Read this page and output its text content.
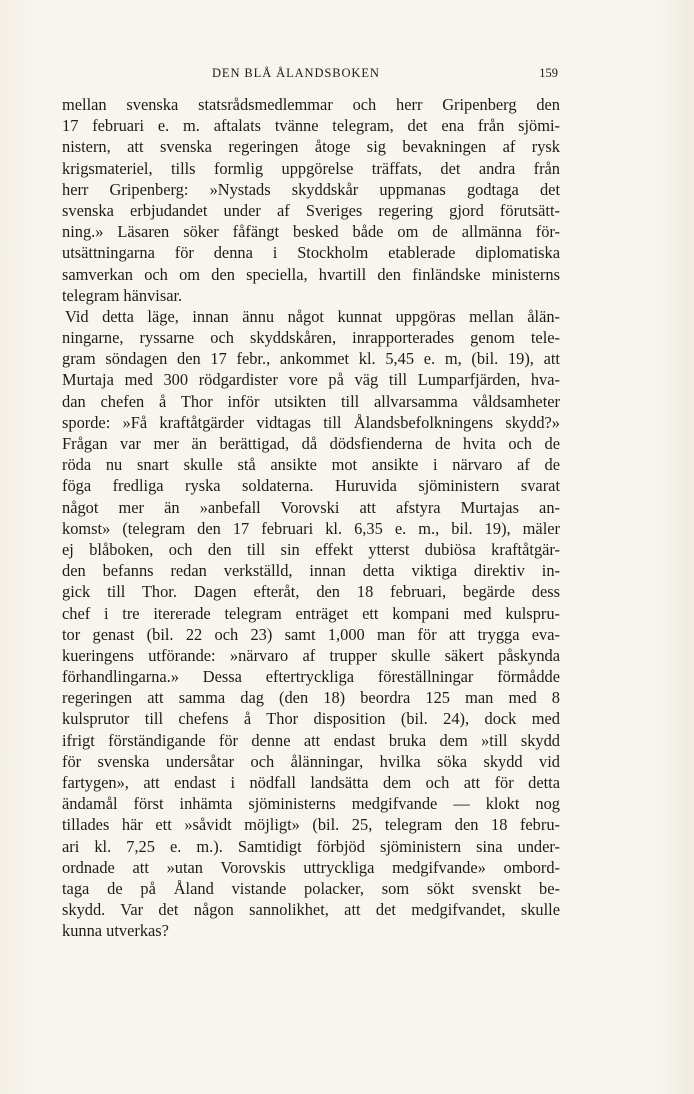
DEN BLÅ ÅLANDSBOKEN	159
mellan svenska statsrådsmedlemmar och herr Gripenberg den
17 februari e. m. aftalats tvänne telegram, det ena från sjömi-
nistern, att svenska regeringen åtoge sig bevakningen af rysk
krigsmateriel, tills formlig uppgörelse träffats, det andra från
herr Gripenberg: »Nystads skyddskår uppmanas godtaga det
svenska erbjudandet under af Sveriges regering gjord förutsätt-
ning.» Läsaren söker fåfängt besked både om de allmänna för-
utsättningarna för denna i Stockholm etablerade diplomatiska
samverkan och om den speciella, hvartill den finländske ministerns
telegram hänvisar.
Vid detta läge, innan ännu något kunnat uppgöras mellan ålän-
ningarne, ryssarne och skyddskåren, inrapporterades genom tele-
gram söndagen den 17 febr., ankommet kl. 5,45 e. m, (bil. 19), att
Murtaja med 300 rödgardister vore på väg till Lumparfjärden, hva-
dan chefen å Thor inför utsikten till allvarsamma våldsamheter
sporde: »Få kraftåtgärder vidtagas till Ålandsbefolkningens skydd?»
Frågan var mer än berättigad, då dödsfienderna de hvita och de
röda nu snart skulle stå ansikte mot ansikte i närvaro af de
föga fredliga ryska soldaterna. Huruvida sjöministern svarat
något mer än »anbefall Vorovski att afstyra Murtajas an-
komst» (telegram den 17 februari kl. 6,35 e. m., bil. 19), mäler
ej blåboken, och den till sin effekt ytterst dubiösa kraftåtgär-
den befanns redan verkställd, innan detta viktiga direktiv in-
gick till Thor. Dagen efteråt, den 18 februari, begärde dess
chef i tre itererade telegram enträget ett kompani med kulspru-
tor genast (bil. 22 och 23) samt 1,000 man för att trygga eva-
kueringens utförande: »närvaro af trupper skulle säkert påskynda
förhandlingarna.» Dessa eftertryckliga föreställningar förmådde
regeringen att samma dag (den 18) beordra 125 man med 8
kulsprutor till chefens å Thor disposition (bil. 24), dock med
ifrigt förständigande för denne att endast bruka dem »till skydd
för svenska undersåtar och ålänningar, hvilka söka skydd vid
fartygen», att endast i nödfall landsätta dem och att för detta
ändamål först inhämta sjöministerns medgifvande — klokt nog
tillades här ett »såvidt möjligt» (bil. 25, telegram den 18 febru-
ari kl. 7,25 e. m.). Samtidigt förbjöd sjöministern sina under-
ordnade att »utan Vorovskis uttryckliga medgifvande» ombord-
taga de på Åland vistande polacker, som sökt svenskt be-
skydd. Var det någon sannolikhet, att det medgifvandet, skulle
kunna utverkas?
